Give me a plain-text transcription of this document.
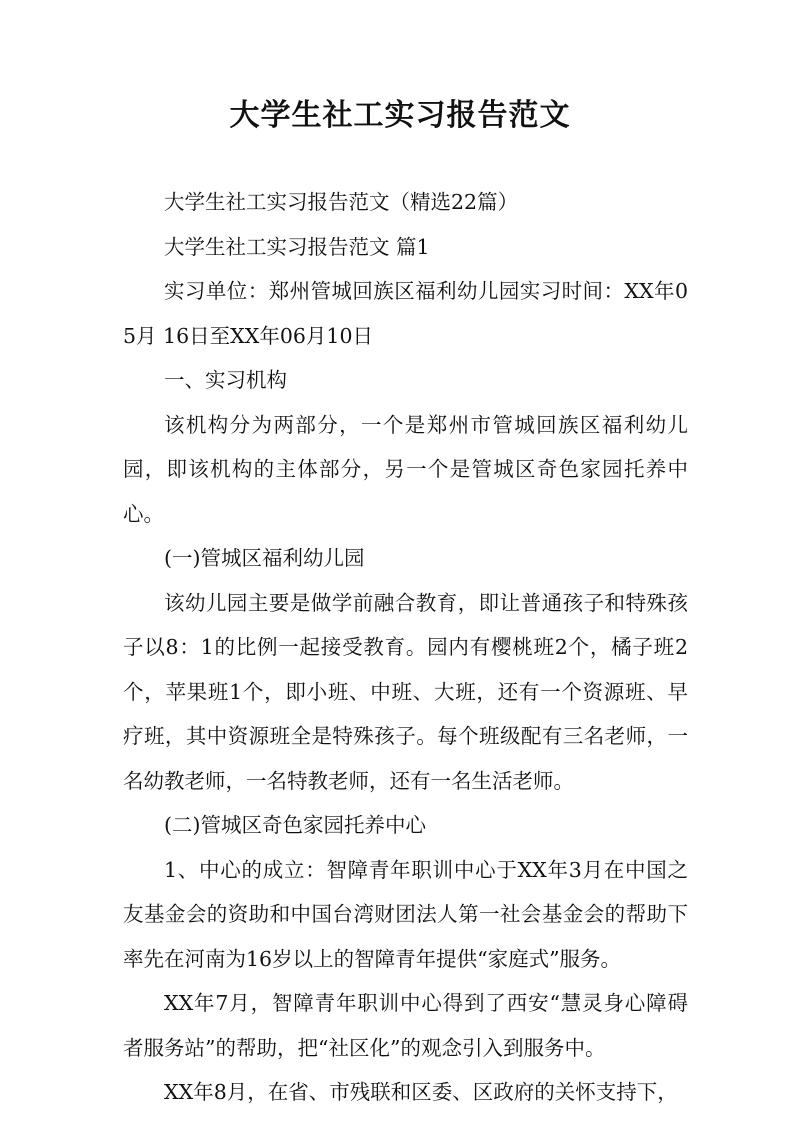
大学生社工实习报告范文

大学生社工实习报告范文（精选22篇）

大学生社工实习报告范文 篇1

实习单位：郑州管城回族区福利幼儿园实习时间：XX年05月 16日至XX年06月10日

一、实习机构

该机构分为两部分，一个是郑州市管城回族区福利幼儿园，即该机构的主体部分，另一个是管城区奇色家园托养中心。

(一)管城区福利幼儿园

该幼儿园主要是做学前融合教育，即让普通孩子和特殊孩子以8：1的比例一起接受教育。园内有樱桃班2个，橘子班2个，苹果班1个，即小班、中班、大班，还有一个资源班、早疗班，其中资源班全是特殊孩子。每个班级配有三名老师，一名幼教老师，一名特教老师，还有一名生活老师。

(二)管城区奇色家园托养中心

1、中心的成立：智障青年职训中心于XX年3月在中国之友基金会的资助和中国台湾财团法人第一社会基金会的帮助下率先在河南为16岁以上的智障青年提供“家庭式”服务。

XX年7月，智障青年职训中心得到了西安“慧灵身心障碍者服务站”的帮助，把“社区化”的观念引入到服务中。

XX年8月，在省、市残联和区委、区政府的关怀支持下，
